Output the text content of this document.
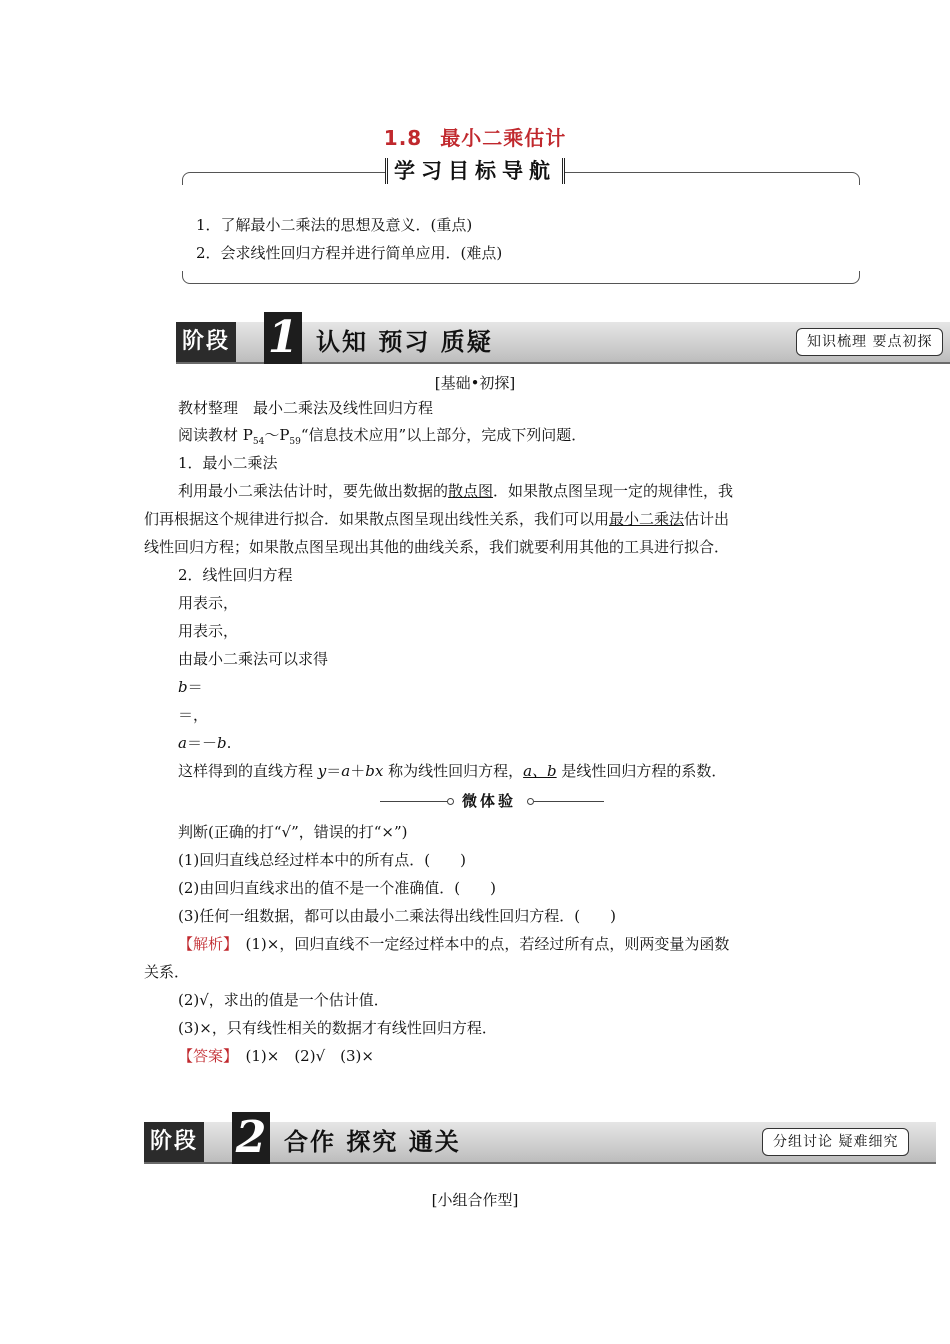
1.8 最小二乘估计
学习目标导航
1．了解最小二乘法的思想及意义．(重点)
2．会求线性回归方程并进行简单应用．(难点)
阶段 1 认知 预习 质疑	知识梳理 要点初探
[基础•初探]
教材整理　最小二乘法及线性回归方程
阅读教材 $P_{54}\sim P_{59}“$信息技术应用”以上部分，完成下列问题．
1．最小二乘法
利用最小二乘法估计时，要先做出数据的散点图．如果散点图呈现一定的规律性，我
们再根据这个规律进行拟合．如果散点图呈现出线性关系，我们可以用最小二乘法估计出
线性回归方程；如果散点图呈现出其他的曲线关系，我们就要利用其他的工具进行拟合．
2．线性回归方程
用表示，
用表示，
由最小二乘法可以求得
b＝
＝，
a＝－b.
这样得到的直线方程 y＝a＋bx 称为线性回归方程，a、b 是线性回归方程的系数．
微体验
判断(正确的打“√”，错误的打“×”)
(1)回归直线总经过样本中的所有点．(　　)
(2)由回归直线求出的值不是一个准确值．(　　)
(3)任何一组数据，都可以由最小二乘法得出线性回归方程．(　　)
【解析】　(1)×，回归直线不一定经过样本中的点，若经过所有点，则两变量为函数
关系．
(2)√，求出的值是一个估计值．
(3)×，只有线性相关的数据才有线性回归方程．
【答案】　(1)×　(2)√　(3)×
阶段 2 合作 探究 通关	分组讨论 疑难细究
[小组合作型]
